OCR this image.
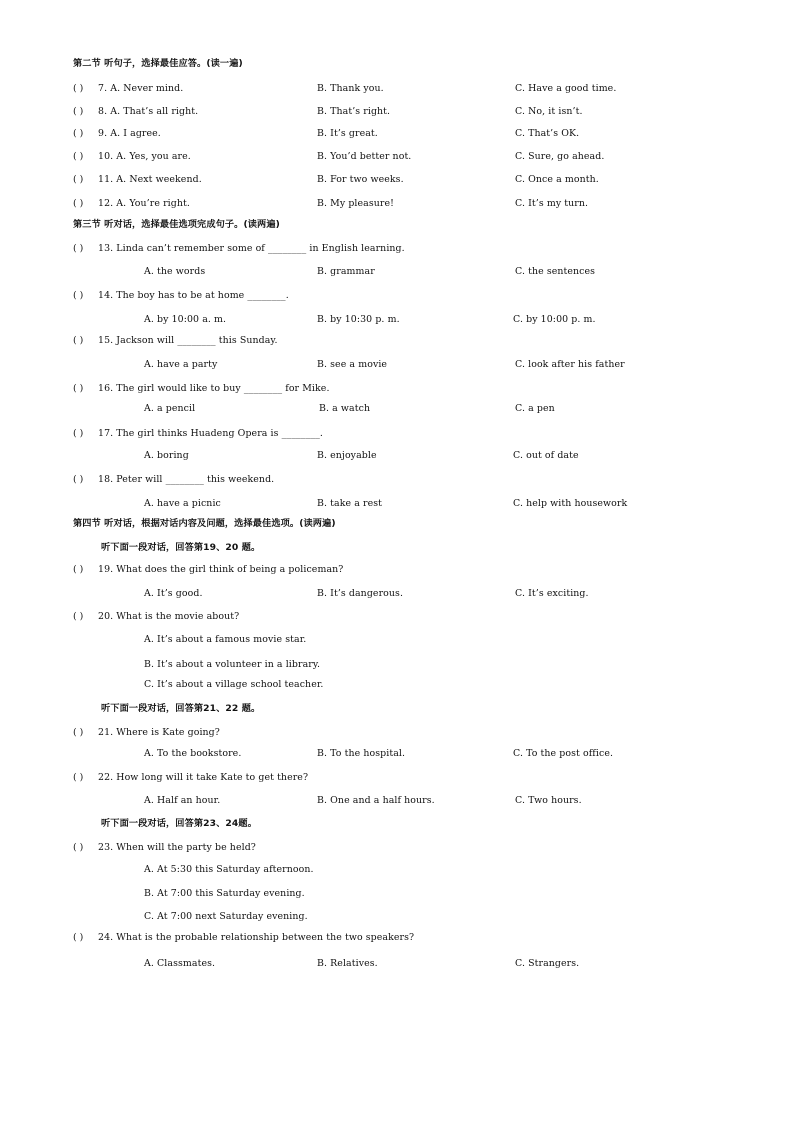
第二节 听句子，选择最佳应答。(读一遍)
( ) 7. A. Never mind.	B. Thank you.	C. Have a good time.
( ) 8. A. That’s all right.	B. That’s right.	C. No, it isn’t.
( ) 9. A. I agree.	B. It’s great.	C. That’s OK.
( ) 10. A. Yes, you are.	B. You’d better not.	C. Sure, go ahead.
( ) 11. A. Next weekend.	B. For two weeks.	C. Once a month.
( ) 12. A. You’re right.	B. My pleasure!	C. It’s my turn.
第三节 听对话，选择最佳选项完成句子。(读两遍)
( ) 13. Linda can’t remember some of ________ in English learning.
A. the words	B. grammar	C. the sentences
( ) 14. The boy has to be at home ________.
A. by 10:00 a. m.	B. by 10:30 p. m.	C. by 10:00 p. m.
( ) 15. Jackson will ________ this Sunday.
A. have a party	B. see a movie	C. look after his father
( ) 16. The girl would like to buy ________ for Mike.
A. a pencil	B. a watch	C. a pen
( ) 17. The girl thinks Huadeng Opera is ________.
A. boring	B. enjoyable	C. out of date
( ) 18. Peter will ________ this weekend.
A. have a picnic	B. take a rest	C. help with housework
第四节 听对话，根据对话内容及问题，选择最佳选项。(读两遍)
听下面一段对话，回答第19、20 题。
( ) 19. What does the girl think of being a policeman?
A. It’s good.	B. It’s dangerous.	C. It’s exciting.
( ) 20. What is the movie about?
A. It’s about a famous movie star.
B. It’s about a volunteer in a library.
C. It’s about a village school teacher.
听下面一段对话，回答第21、22 题。
( ) 21. Where is Kate going?
A. To the bookstore.	B. To the hospital.	C. To the post office.
( ) 22. How long will it take Kate to get there?
A. Half an hour.	B. One and a half hours.	C. Two hours.
听下面一段对话，回答第23、24题。
( ) 23. When will the party be held?
A. At 5:30 this Saturday afternoon.
B. At 7:00 this Saturday evening.
C. At 7:00 next Saturday evening.
( ) 24. What is the probable relationship between the two speakers?
A. Classmates.	B. Relatives.	C. Strangers.
